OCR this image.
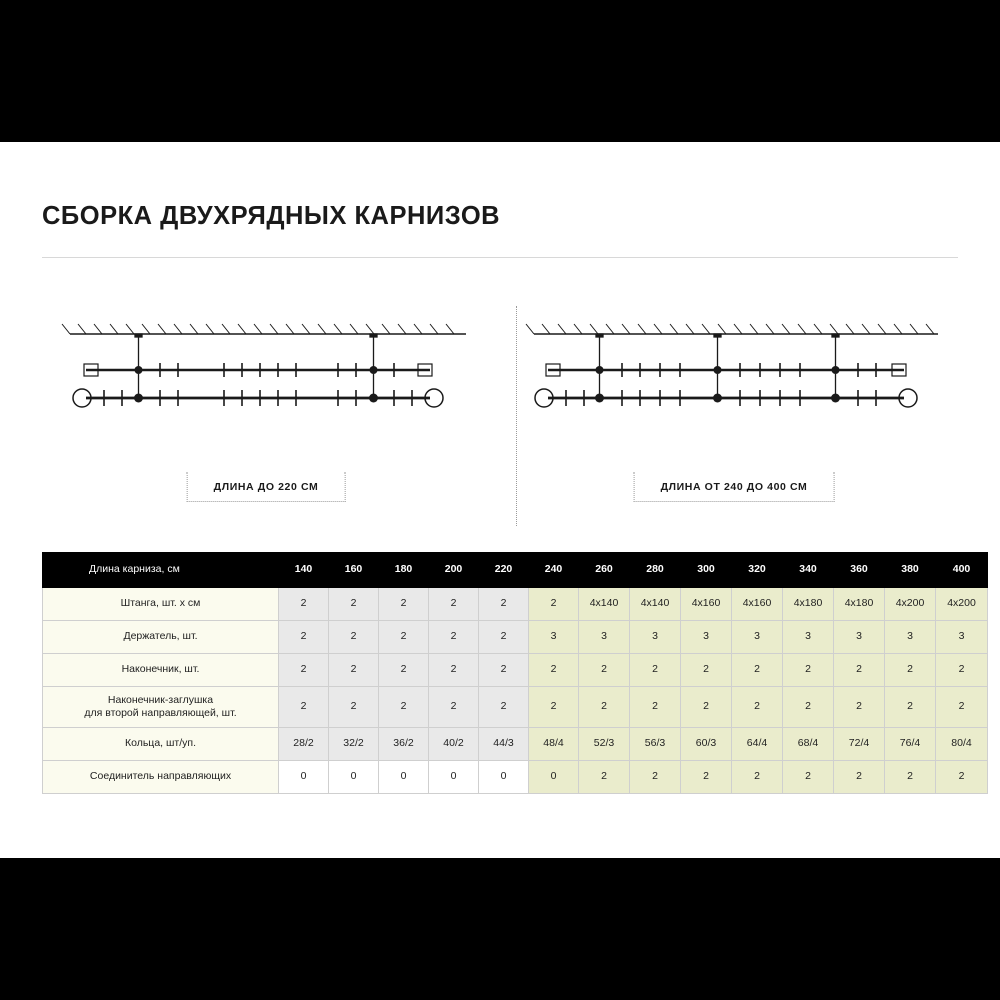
СБОРКА ДВУХРЯДНЫХ КАРНИЗОВ
ДЛИНА ДО 220 СМ	ДЛИНА ОТ 240 ДО 400 СМ
Длина карниза, см	140	160	180	200	220	240	260	280	300	320	340	360	380	400
Штанга, шт. х см	2	2	2	2	2	2	4х140	4х140	4х160	4х160	4х180	4х180	4х200	4х200
Держатель, шт.	2	2	2	2	2	3	3	3	3	3	3	3	3	3
Наконечник, шт.	2	2	2	2	2	2	2	2	2	2	2	2	2	2

Наконечник-заглушка
для второй направляющей, шт.	2	2	2	2	2	2	2	2	2	2	2	2	2	2
Кольца, шт/уп.	28/2	32/2	36/2	40/2	44/3	48/4	52/3	56/3	60/3	64/4	68/4	72/4	76/4	80/4
Соединитель направляющих	0	0	0	0	0	0	2	2	2	2	2	2	2	2
